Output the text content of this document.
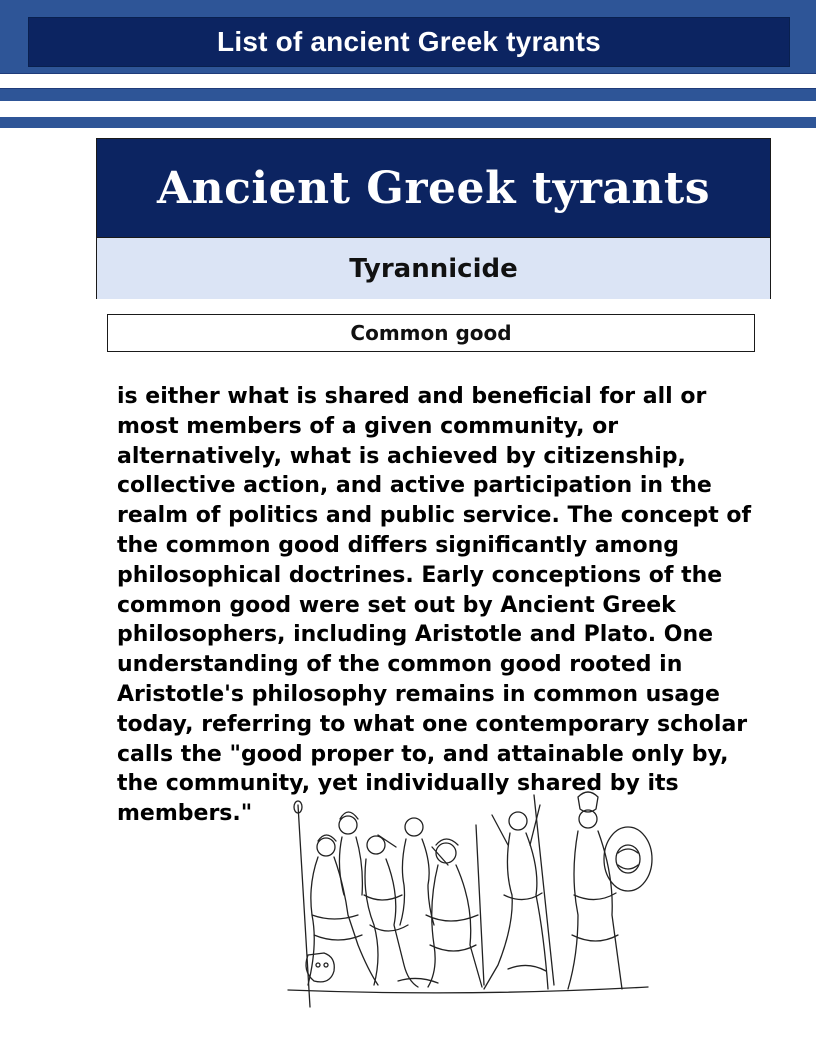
List of ancient Greek tyrants
Ancient Greek tyrants
Tyrannicide
Common good
is either what is shared and beneficial for all or most members of a given community, or alternatively, what is achieved by citizenship, collective action, and active participation in the realm of politics and public service. The concept of the common good differs significantly among philosophical doctrines. Early conceptions of the common good were set out by Ancient Greek philosophers, including Aristotle and Plato. One understanding of the common good rooted in Aristotle's philosophy remains in common usage today, referring to what one contemporary scholar calls the "good proper to, and attainable only by, the community, yet individually shared by its members."
